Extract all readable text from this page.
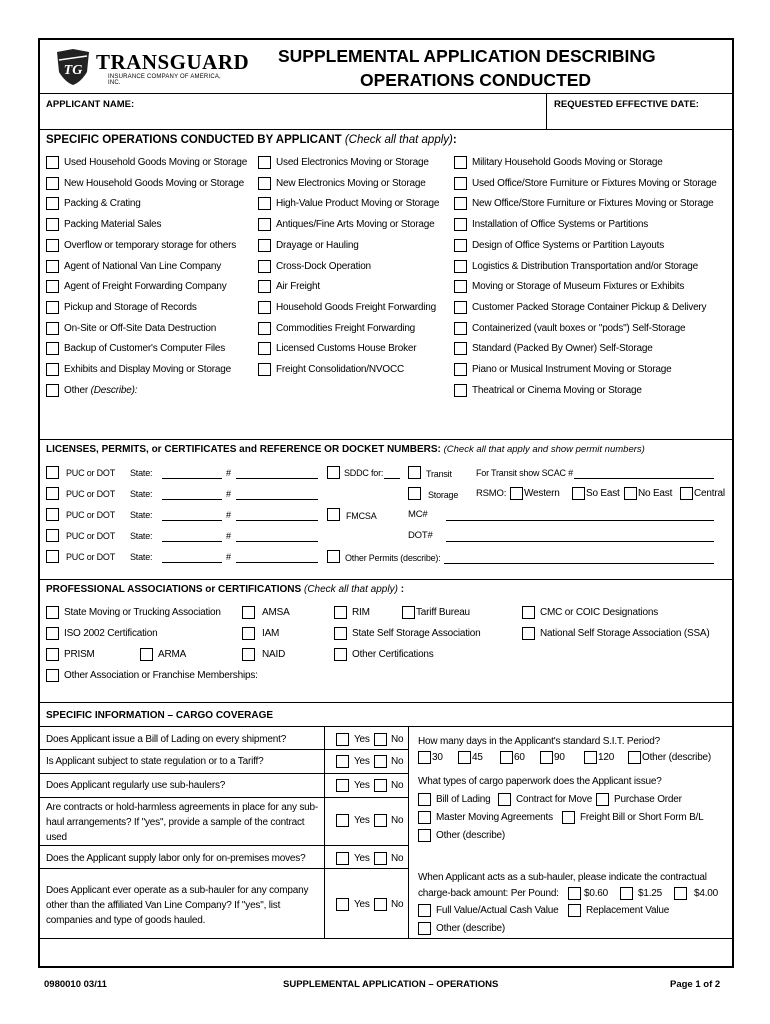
TG TRANSGUARD
INSURANCE COMPANY OF AMERICA, INC.
SUPPLEMENTAL APPLICATION DESCRIBING
OPERATIONS CONDUCTED
APPLICANT NAME:	REQUESTED EFFECTIVE DATE:
SPECIFIC OPERATIONS CONDUCTED BY APPLICANT (Check all that apply):
Used Household Goods Moving or Storage
New Household Goods Moving or Storage
Packing & Crating
Packing Material Sales
Overflow or temporary storage for others
Agent of National Van Line Company
Agent of Freight Forwarding Company
Pickup and Storage of Records
On-Site or Off-Site Data Destruction
Backup of Customer's Computer Files
Exhibits and Display Moving or Storage
Other (Describe):
Used Electronics Moving or Storage
New Electronics Moving or Storage
High-Value Product Moving or Storage
Antiques/Fine Arts Moving or Storage
Drayage or Hauling
Cross-Dock Operation
Air Freight
Household Goods Freight Forwarding
Commodities Freight Forwarding
Licensed Customs House Broker
Freight Consolidation/NVOCC
Military Household Goods Moving or Storage
Used Office/Store Furniture or Fixtures Moving or Storage
New Office/Store Furniture or Fixtures Moving or Storage
Installation of Office Systems or Partitions
Design of Office Systems or Partition Layouts
Logistics & Distribution Transportation and/or Storage
Moving or Storage of Museum Fixtures or Exhibits
Customer Packed Storage Container Pickup & Delivery
Containerized (vault boxes or "pods") Self-Storage
Standard (Packed By Owner) Self-Storage
Piano or Musical Instrument Moving or Storage
Theatrical or Cinema Moving or Storage
LICENSES, PERMITS, or CERTIFICATES and REFERENCE OR DOCKET NUMBERS: (Check all that apply and show permit numbers)
PUC or DOT State:	#
PUC or DOT State:	#
PUC or DOT State:	#
PUC or DOT State:	#
PUC or DOT State:	#
SDDC for:	Transit	For Transit show SCAC #
Storage RSMO: Western	So East No East Central
FMCSA	MC#
DOT#
Other Permits (describe):
PROFESSIONAL ASSOCIATIONS or CERTIFICATIONS (Check all that apply) :
State Moving or Trucking Association
ISO 2002 Certification
PRISM	ARMA
AMSA
IAM
NAID
RIM
State Self Storage Association
Other Certifications
Tariff Bureau	CMC or COIC Designations
National Self Storage Association (SSA)
Other Association or Franchise Memberships:
SPECIFIC INFORMATION – CARGO COVERAGE
Does Applicant issue a Bill of Lading on every shipment?	Yes No
Is Applicant subject to state regulation or to a Tariff?	Yes No
Does Applicant regularly use sub-haulers?	Yes No
Are contracts or hold-harmless agreements in place for any sub-
haul arrangements? If "yes", provide a sample of the contract
used
Yes No
Does the Applicant supply labor only for on-premises moves?	Yes No
Does Applicant ever operate as a sub-hauler for any company
other than the affiliated Van Line Company? If "yes", list
companies and type of goods hauled.
Yes No
How many days in the Applicant's standard S.I.T. Period?
30	45	60	90	120	Other (describe)
What types of cargo paperwork does the Applicant issue?
Bill of Lading	Contract for Move Purchase Order
Master Moving Agreements	Freight Bill or Short Form B/L
Other (describe)
When Applicant acts as a sub-hauler, please indicate the contractual
charge-back amount: Per Pound:	$0.60	$1.25	$4.00
Full Value/Actual Cash Value	Replacement Value
Other (describe)
0980010 03/11	SUPPLEMENTAL APPLICATION – OPERATIONS	Page 1 of 2
